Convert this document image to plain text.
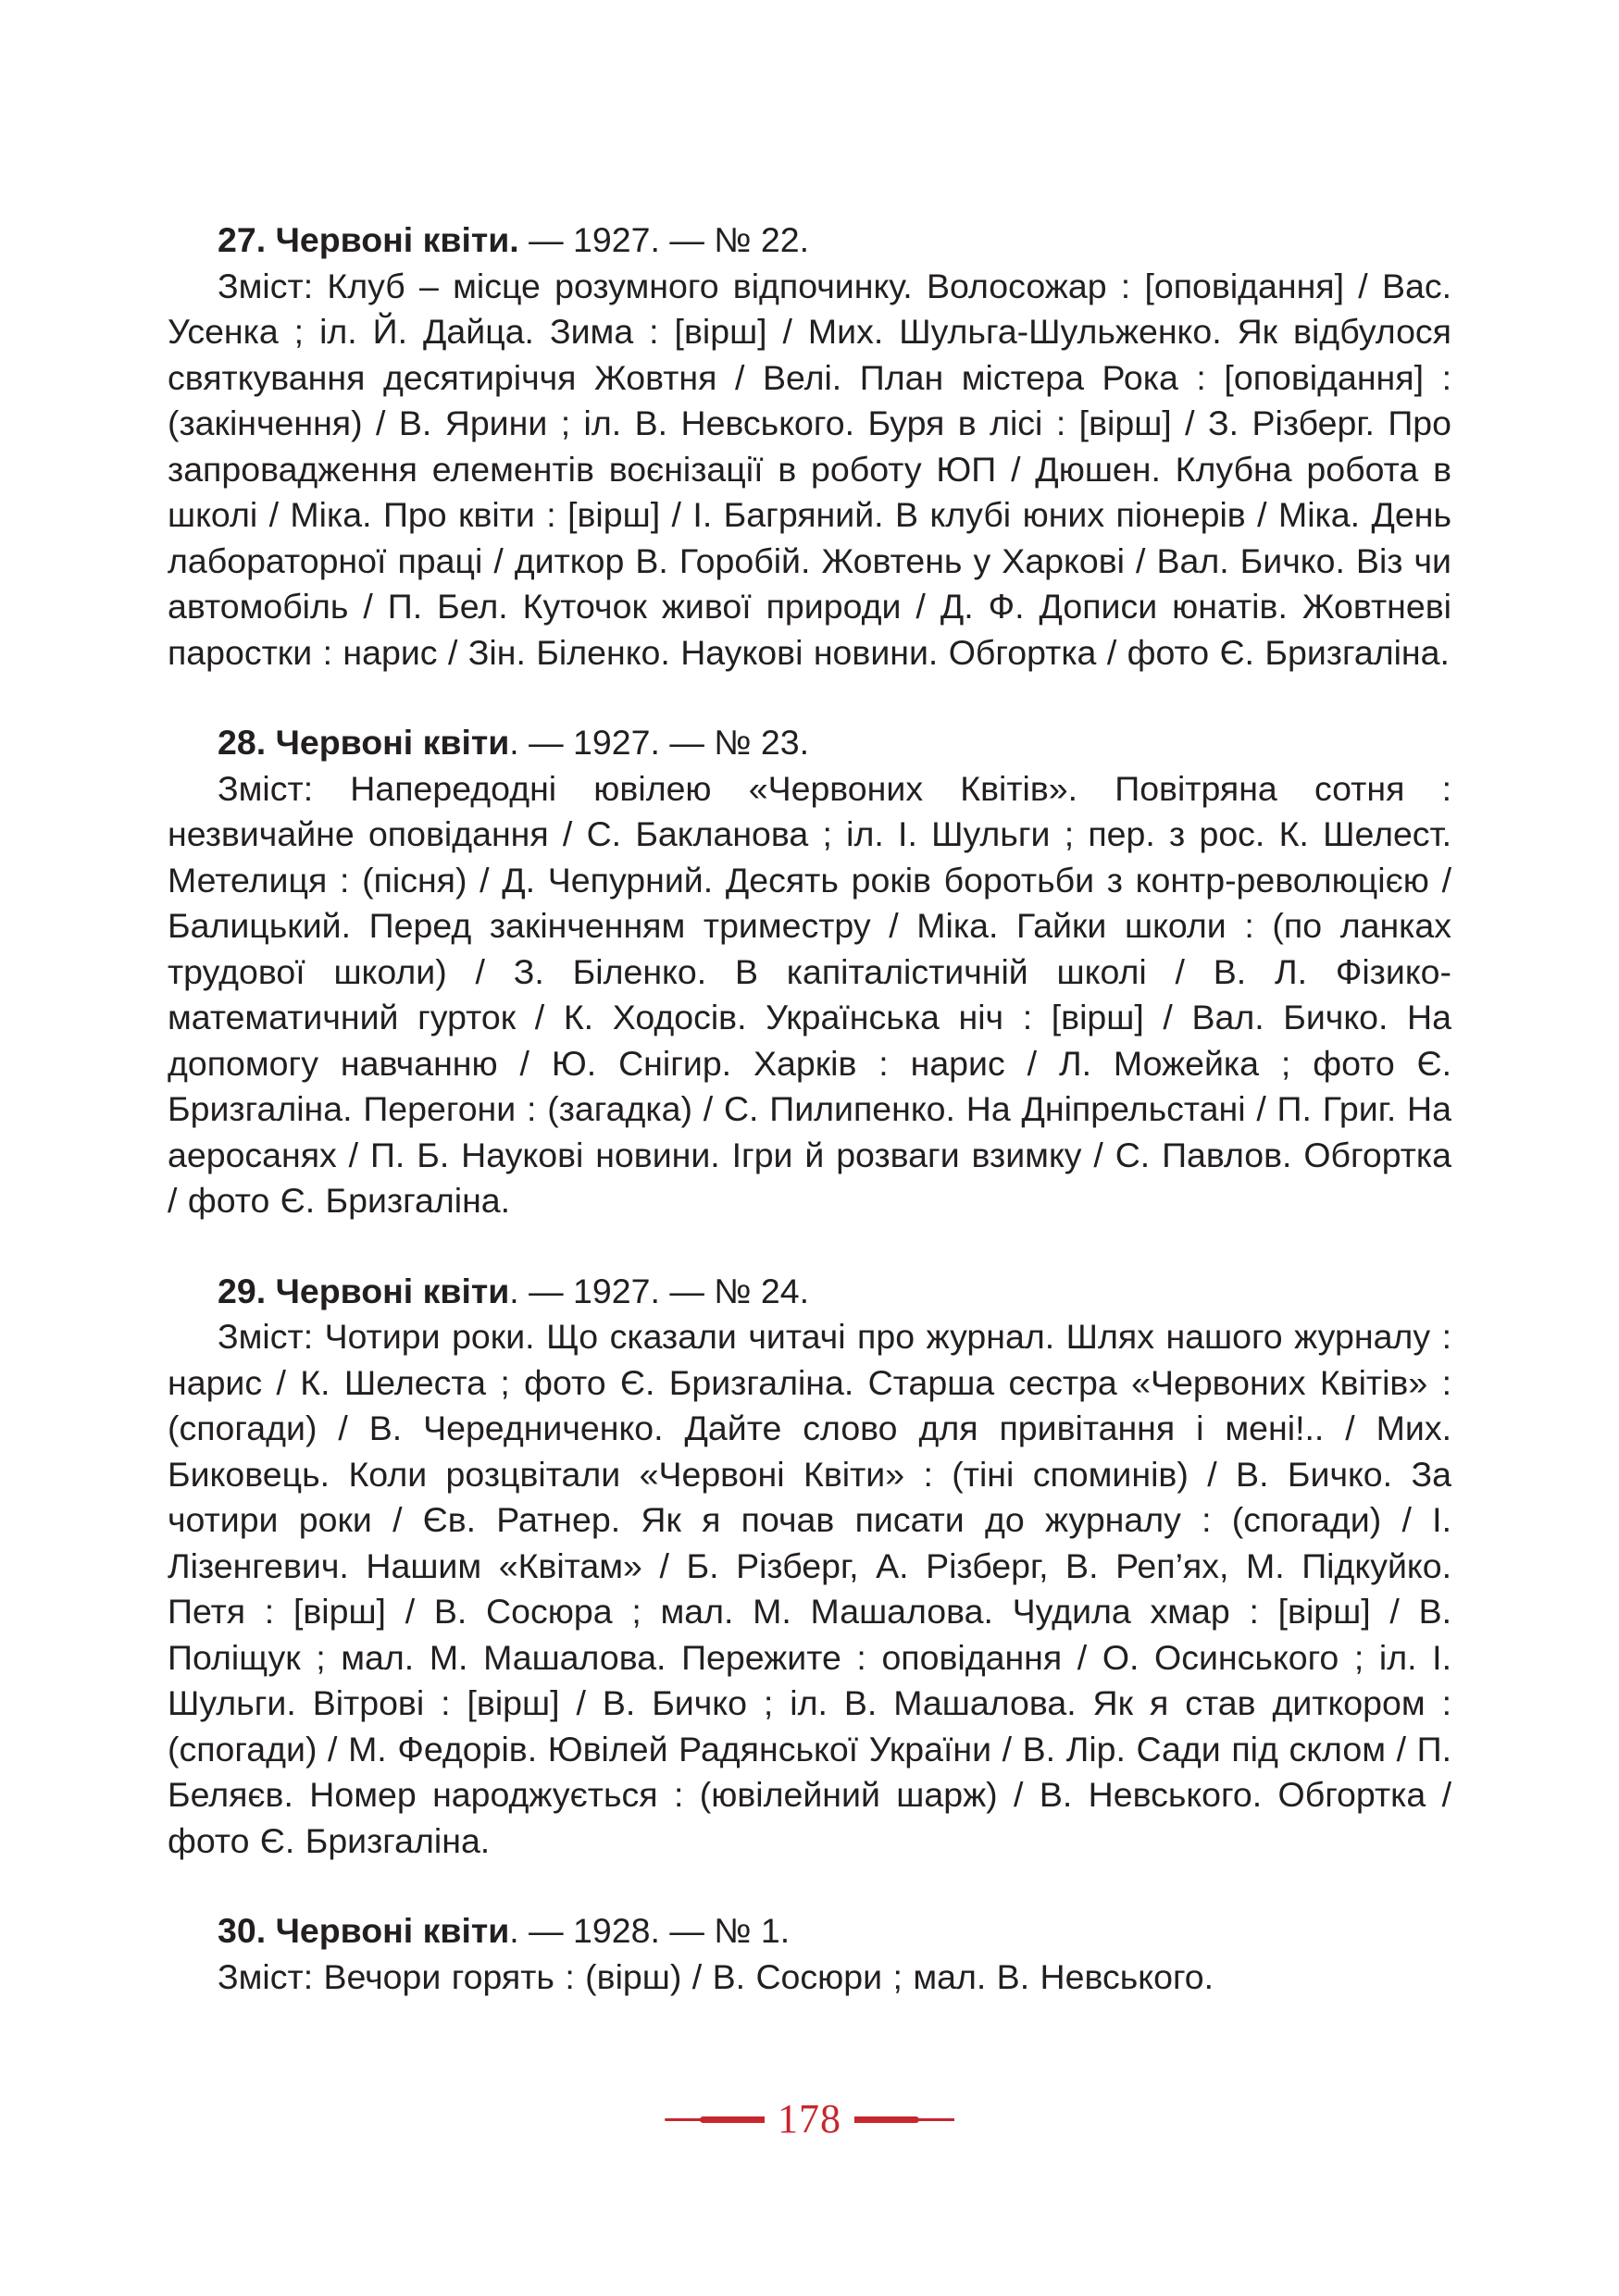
27. Червоні квіти. — 1927. — № 22.

Зміст: Клуб – місце розумного відпочинку. Волосожар : [оповідання] / Вас. Усенка ; іл. Й. Дайца. Зима : [вірш] / Мих. Шульга-Шульженко. Як відбулося святкування десятиріччя Жовтня / Велі. План містера Рока : [оповідання] : (закінчення) / В. Ярини ; іл. В. Невського. Буря в лісі : [вірш] / З. Різберг. Про запровадження елементів воєнізації в роботу ЮП / Дюшен. Клубна робота в школі / Міка. Про квіти : [вірш] / І. Багряний. В клубі юних піонерів / Міка. День лабораторної праці / диткор В. Горобій. Жовтень у Харкові / Вал. Бичко. Віз чи автомобіль / П. Бел. Куточок живої природи / Д. Ф. Дописи юнатів. Жовтневі паростки : нарис / Зін. Біленко. Наукові новини. Обгортка / фото Є. Бризгаліна.

28. Червоні квіти. — 1927. — № 23.

Зміст: Напередодні ювілею «Червоних Квітів». Повітряна сотня : незвичайне оповідання / С. Бакланова ; іл. І. Шульги ; пер. з рос. К. Шелест. Метелиця : (пісня) / Д. Чепурний. Десять років боротьби з контр-революцією / Балицький. Перед закінченням триместру / Міка. Гайки школи : (по ланках трудової школи) / З. Біленко. В капіталістичній школі / В. Л. Фізико-математичний гурток / К. Ходосів. Українська ніч : [вірш] / Вал. Бичко. На допомогу навчанню / Ю. Снігир. Харків : нарис / Л. Можейка ; фото Є. Бризгаліна. Перегони : (загадка) / С. Пилипенко. На Дніпрельстані / П. Григ. На аеросанях / П. Б. Наукові новини. Ігри й розваги взимку / С. Павлов. Обгортка / фото Є. Бризгаліна.

29. Червоні квіти. — 1927. — № 24.

Зміст: Чотири роки. Що сказали читачі про журнал. Шлях нашого журналу : нарис / К. Шелеста ; фото Є. Бризгаліна. Старша сестра «Червоних Квітів» : (спогади) / В. Чередниченко. Дайте слово для привітання і мені!.. / Мих. Биковець. Коли розцвітали «Червоні Квіти» : (тіні споминів) / В. Бичко. За чотири роки / Єв. Ратнер. Як я почав писати до журналу : (спогади) / І. Лізенгевич. Нашим «Квітам» / Б. Різберг, А. Різберг, В. Реп’ях, М. Підкуйко. Петя : [вірш] / В. Сосюра ; мал. М. Машалова. Чудила хмар : [вірш] / В. Поліщук ; мал. М. Машалова. Пережите : оповідання / О. Осинського ; іл. І. Шульги. Вітрові : [вірш] / В. Бичко ; іл. В. Машалова. Як я став диткором : (спогади) / М. Федорів. Ювілей Радянської України / В. Лір. Сади під склом / П. Беляєв. Номер народжується : (ювілейний шарж) / В. Невського. Обгортка / фото Є. Бризгаліна.

30. Червоні квіти. — 1928. — № 1.

Зміст: Вечори горять : (вірш) / В. Сосюри ; мал. В. Невського.

178
